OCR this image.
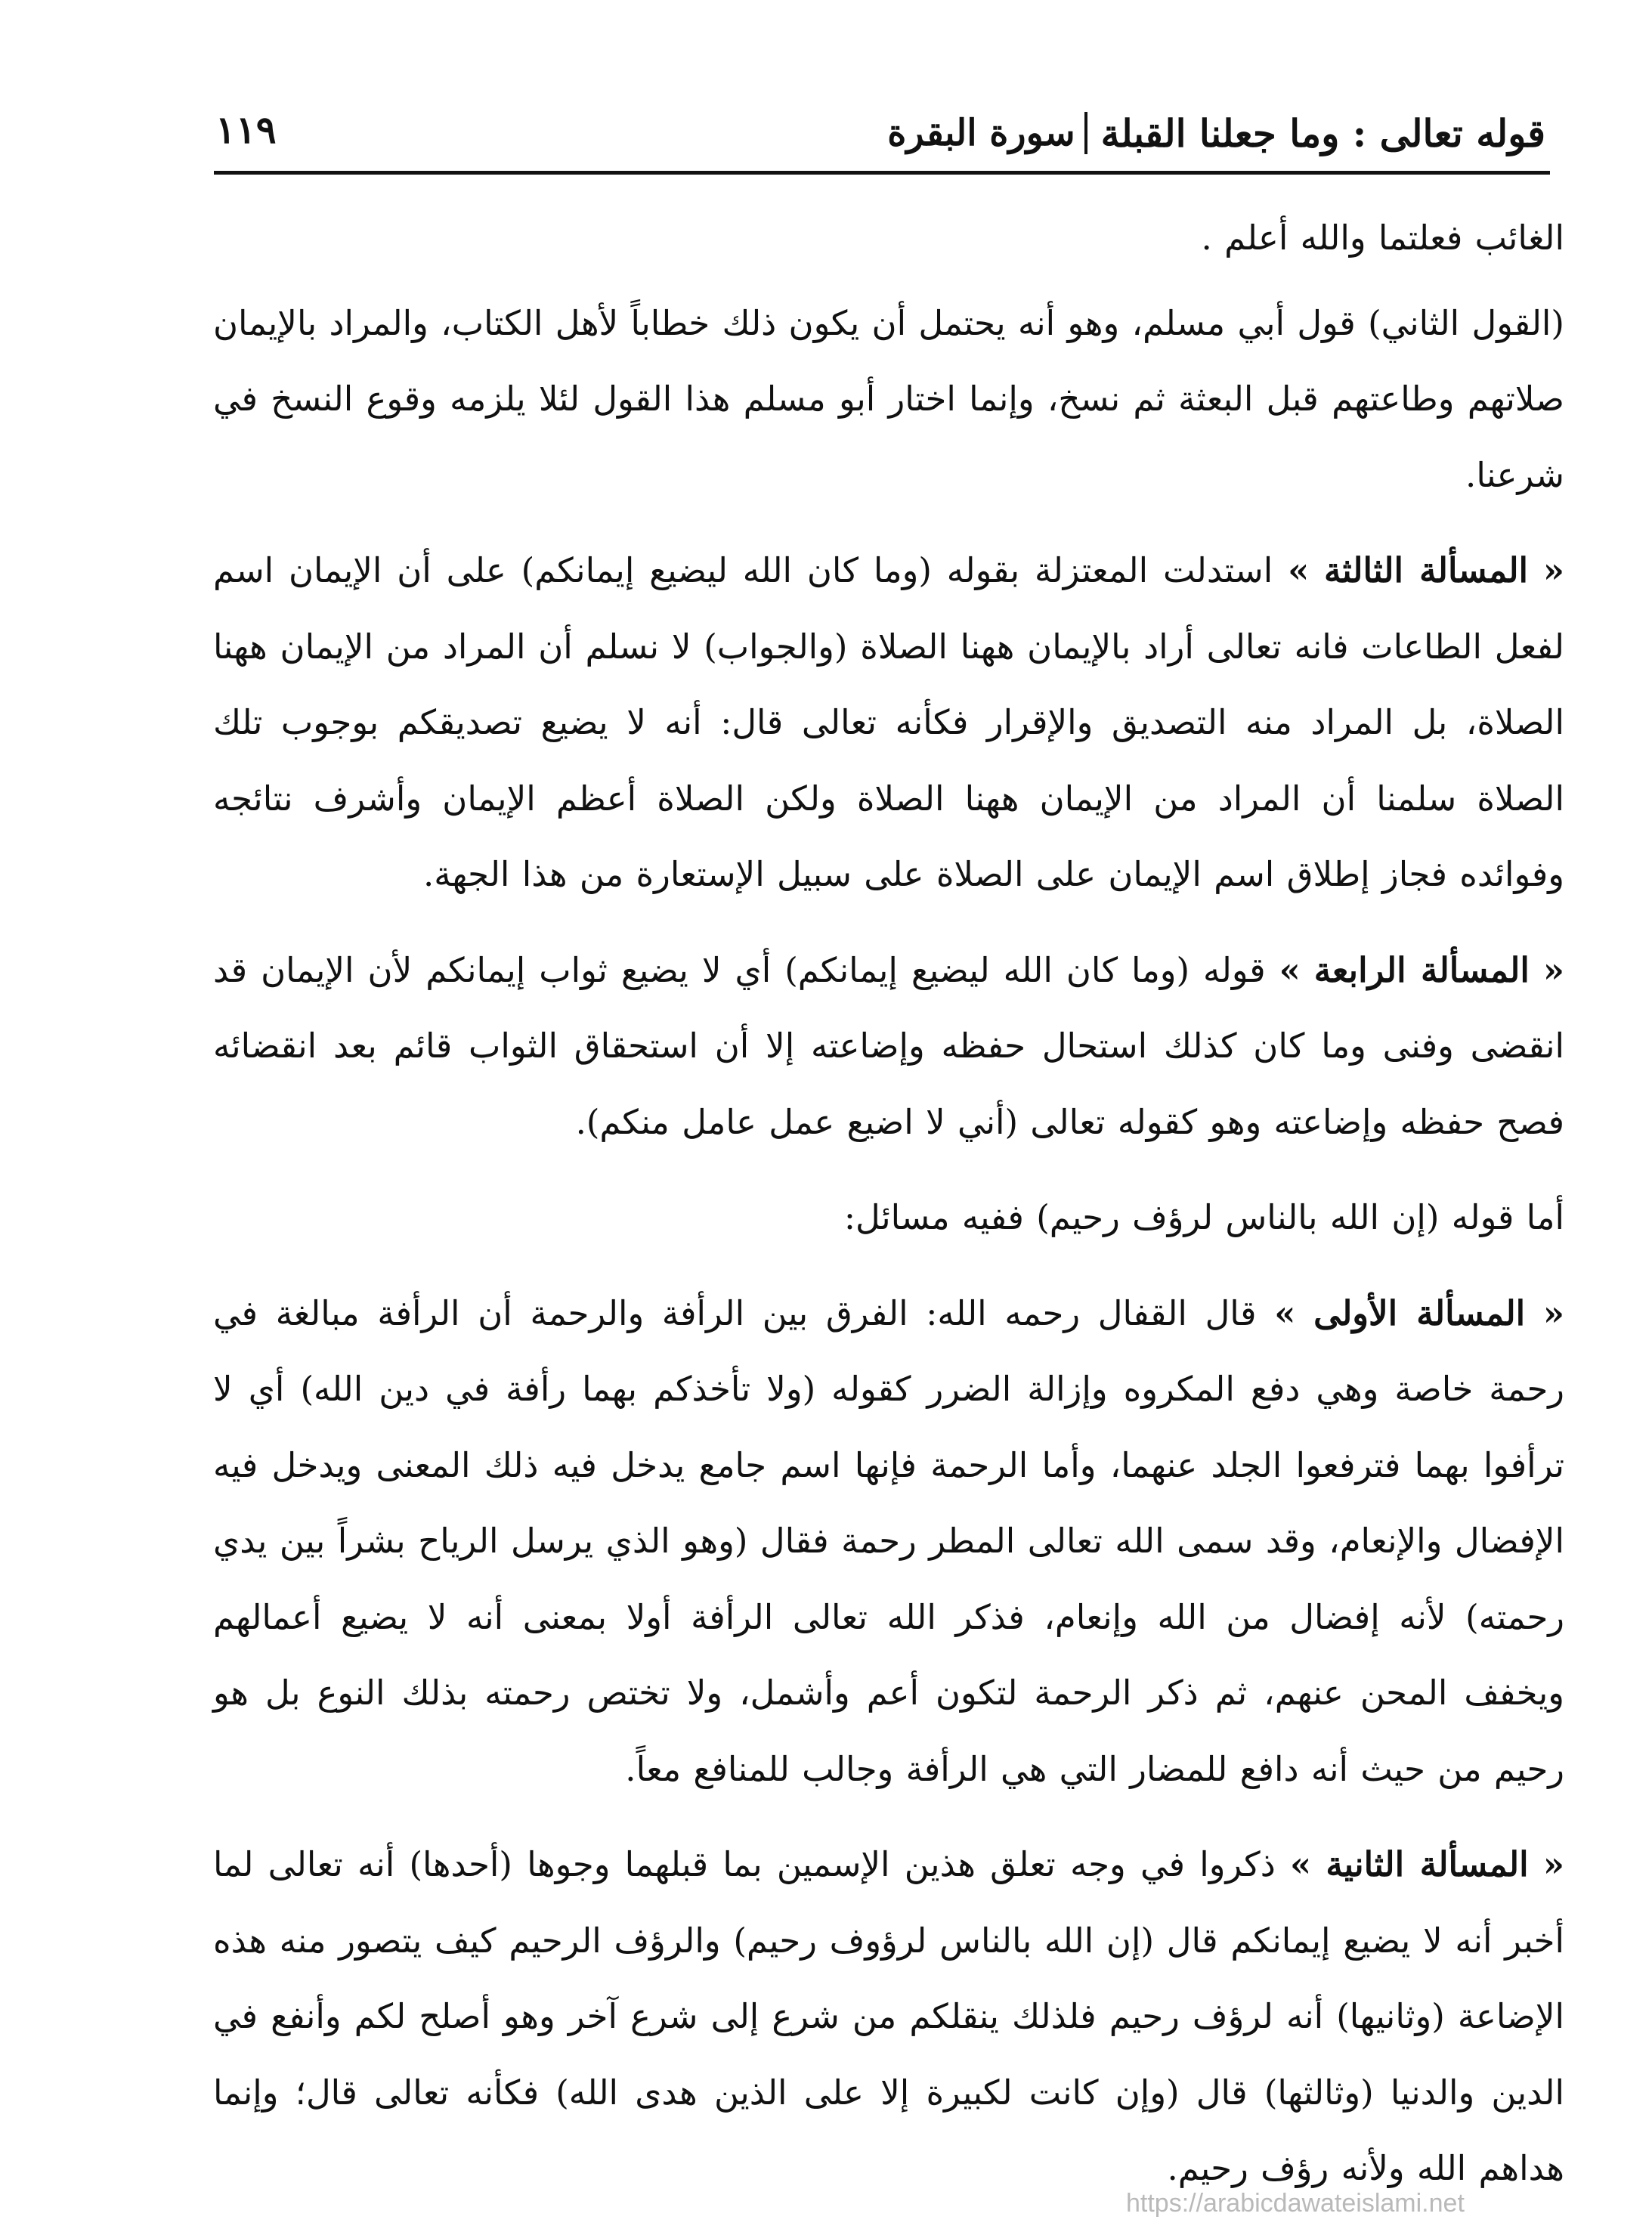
قوله تعالى : وما جعلنا القبلة
سورة البقرة
١١٩

الغائب فعلتما والله أعلم .

(القول الثاني) قول أبي مسلم، وهو أنه يحتمل أن يكون ذلك خطاباً لأهل الكتاب، والمراد بالإيمان صلاتهم وطاعتهم قبل البعثة ثم نسخ، وإنما اختار أبو مسلم هذا القول لئلا يلزمه وقوع النسخ في شرعنا.

« المسألة الثالثة » استدلت المعتزلة بقوله (وما كان الله ليضيع إيمانكم) على أن الإيمان اسم لفعل الطاعات فانه تعالى أراد بالإيمان ههنا الصلاة (والجواب) لا نسلم أن المراد من الإيمان ههنا الصلاة، بل المراد منه التصديق والإقرار فكأنه تعالى قال: أنه لا يضيع تصديقكم بوجوب تلك الصلاة سلمنا أن المراد من الإيمان ههنا الصلاة ولكن الصلاة أعظم الإيمان وأشرف نتائجه وفوائده فجاز إطلاق اسم الإيمان على الصلاة على سبيل الإستعارة من هذا الجهة.

« المسألة الرابعة » قوله (وما كان الله ليضيع إيمانكم) أي لا يضيع ثواب إيمانكم لأن الإيمان قد انقضى وفنى وما كان كذلك استحال حفظه وإضاعته إلا أن استحقاق الثواب قائم بعد انقضائه فصح حفظه وإضاعته وهو كقوله تعالى (أني لا اضيع عمل عامل منكم).

أما قوله (إن الله بالناس لرؤف رحيم) ففيه مسائل:

« المسألة الأولى » قال القفال رحمه الله: الفرق بين الرأفة والرحمة أن الرأفة مبالغة في رحمة خاصة وهي دفع المكروه وإزالة الضرر كقوله (ولا تأخذكم بهما رأفة في دين الله) أي لا ترأفوا بهما فترفعوا الجلد عنهما، وأما الرحمة فإنها اسم جامع يدخل فيه ذلك المعنى ويدخل فيه الإفضال والإنعام، وقد سمى الله تعالى المطر رحمة فقال (وهو الذي يرسل الرياح بشراً بين يدي رحمته) لأنه إفضال من الله وإنعام، فذكر الله تعالى الرأفة أولا بمعنى أنه لا يضيع أعمالهم ويخفف المحن عنهم، ثم ذكر الرحمة لتكون أعم وأشمل، ولا تختص رحمته بذلك النوع بل هو رحيم من حيث أنه دافع للمضار التي هي الرأفة وجالب للمنافع معاً.

« المسألة الثانية » ذكروا في وجه تعلق هذين الإسمين بما قبلهما وجوها (أحدها) أنه تعالى لما أخبر أنه لا يضيع إيمانكم قال (إن الله بالناس لرؤوف رحيم) والرؤف الرحيم كيف يتصور منه هذه الإضاعة (وثانيها) أنه لرؤف رحيم فلذلك ينقلكم من شرع إلى شرع آخر وهو أصلح لكم وأنفع في الدين والدنيا (وثالثها) قال (وإن كانت لكبيرة إلا على الذين هدى الله) فكأنه تعالى قال؛ وإنما هداهم الله ولأنه رؤف رحيم.

https://arabicdawateislami.net
